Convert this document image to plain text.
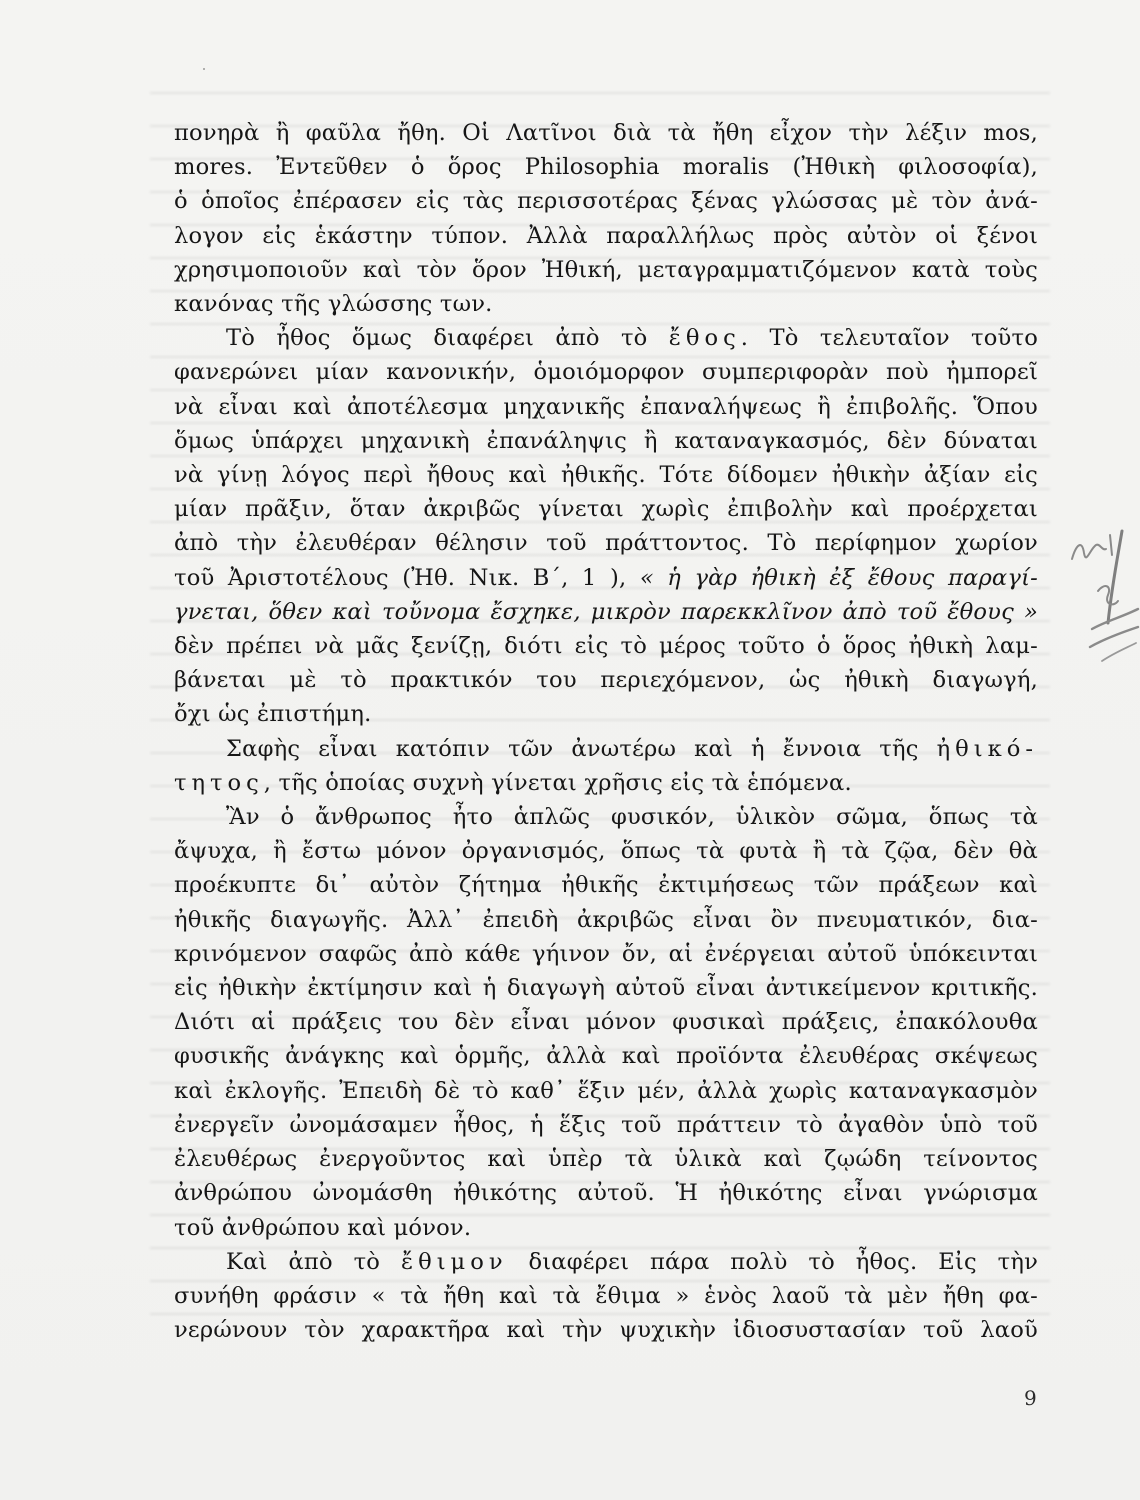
πονηρὰ ἢ φαῦλα ἤθη. Οἱ Λατῖνοι διὰ τὰ ἤθη εἶχον τὴν λέξιν mos,
mores. Ἐντεῦθεν ὁ ὅρος Philosophia moralis (Ἠθικὴ φιλοσοφία),
ὁ ὁποῖος ἐπέρασεν εἰς τὰς περισσοτέρας ξένας γλώσσας μὲ τὸν ἀνά-
λογον εἰς ἑκάστην τύπον. Ἀλλὰ παραλλήλως πρὸς αὐτὸν οἱ ξένοι
χρησιμοποιοῦν καὶ τὸν ὅρον Ἠθική, μεταγραμματιζόμενον κατὰ τοὺς
κανόνας τῆς γλώσσης των.
Τὸ ἦθος ὅμως διαφέρει ἀπὸ τὸ ἔθος. Τὸ τελευταῖον τοῦτο
φανερώνει μίαν κανονικήν, ὁμοιόμορφον συμπεριφορὰν ποὺ ἠμπορεῖ
νὰ εἶναι καὶ ἀποτέλεσμα μηχανικῆς ἐπαναλήψεως ἢ ἐπιβολῆς. Ὅπου
ὅμως ὑπάρχει μηχανικὴ ἐπανάληψις ἢ καταναγκασμός, δὲν δύναται
νὰ γίνῃ λόγος περὶ ἤθους καὶ ἠθικῆς. Τότε δίδομεν ἠθικὴν ἀξίαν εἰς
μίαν πρᾶξιν, ὅταν ἀκριβῶς γίνεται χωρὶς ἐπιβολὴν καὶ προέρχεται
ἀπὸ τὴν ἐλευθέραν θέλησιν τοῦ πράττοντος. Τὸ περίφημον χωρίον
τοῦ Ἀριστοτέλους (Ἠθ. Νικ. Β΄, 1 ), « ἡ γὰρ ἠθικὴ ἐξ ἔθους παραγί-
γνεται, ὅθεν καὶ τοὔνομα ἔσχηκε, μικρὸν παρεκκλῖνον ἀπὸ τοῦ ἔθους »
δὲν πρέπει νὰ μᾶς ξενίζῃ, διότι εἰς τὸ μέρος τοῦτο ὁ ὅρος ἠθικὴ λαμ-
βάνεται μὲ τὸ πρακτικόν του περιεχόμενον, ὡς ἠθικὴ διαγωγή,
ὄχι ὡς ἐπιστήμη.
Σαφὴς εἶναι κατόπιν τῶν ἀνωτέρω καὶ ἡ ἔννοια τῆς ἠθικό-
τητος, τῆς ὁποίας συχνὴ γίνεται χρῆσις εἰς τὰ ἑπόμενα.
Ἂν ὁ ἄνθρωπος ἦτο ἁπλῶς φυσικόν, ὑλικὸν σῶμα, ὅπως τὰ
ἄψυχα, ἢ ἔστω μόνον ὀργανισμός, ὅπως τὰ φυτὰ ἢ τὰ ζῷα, δὲν θὰ
προέκυπτε δι᾿ αὐτὸν ζήτημα ἠθικῆς ἐκτιμήσεως τῶν πράξεων καὶ
ἠθικῆς διαγωγῆς. Ἀλλ᾿ ἐπειδὴ ἀκριβῶς εἶναι ὂν πνευματικόν, δια-
κρινόμενον σαφῶς ἀπὸ κάθε γήινον ὄν, αἱ ἐνέργειαι αὐτοῦ ὑπόκεινται
εἰς ἠθικὴν ἐκτίμησιν καὶ ἡ διαγωγὴ αὐτοῦ εἶναι ἀντικείμενον κριτικῆς.
Διότι αἱ πράξεις του δὲν εἶναι μόνον φυσικαὶ πράξεις, ἐπακόλουθα
φυσικῆς ἀνάγκης καὶ ὁρμῆς, ἀλλὰ καὶ προϊόντα ἐλευθέρας σκέψεως
καὶ ἐκλογῆς. Ἐπειδὴ δὲ τὸ καθ᾿ ἕξιν μέν, ἀλλὰ χωρὶς καταναγκασμὸν
ἐνεργεῖν ὠνομάσαμεν ἦθος, ἡ ἕξις τοῦ πράττειν τὸ ἀγαθὸν ὑπὸ τοῦ
ἐλευθέρως ἐνεργοῦντος καὶ ὑπὲρ τὰ ὑλικὰ καὶ ζῳώδη τείνοντος
ἀνθρώπου ὠνομάσθη ἠθικότης αὐτοῦ. Ἡ ἠθικότης εἶναι γνώρισμα
τοῦ ἀνθρώπου καὶ μόνον.
Καὶ ἀπὸ τὸ ἔθιμον διαφέρει πάρα πολὺ τὸ ἦθος. Εἰς τὴν
συνήθη φράσιν « τὰ ἤθη καὶ τὰ ἔθιμα » ἑνὸς λαοῦ τὰ μὲν ἤθη φα-
νερώνουν τὸν χαρακτῆρα καὶ τὴν ψυχικὴν ἰδιοσυστασίαν τοῦ λαοῦ
9
